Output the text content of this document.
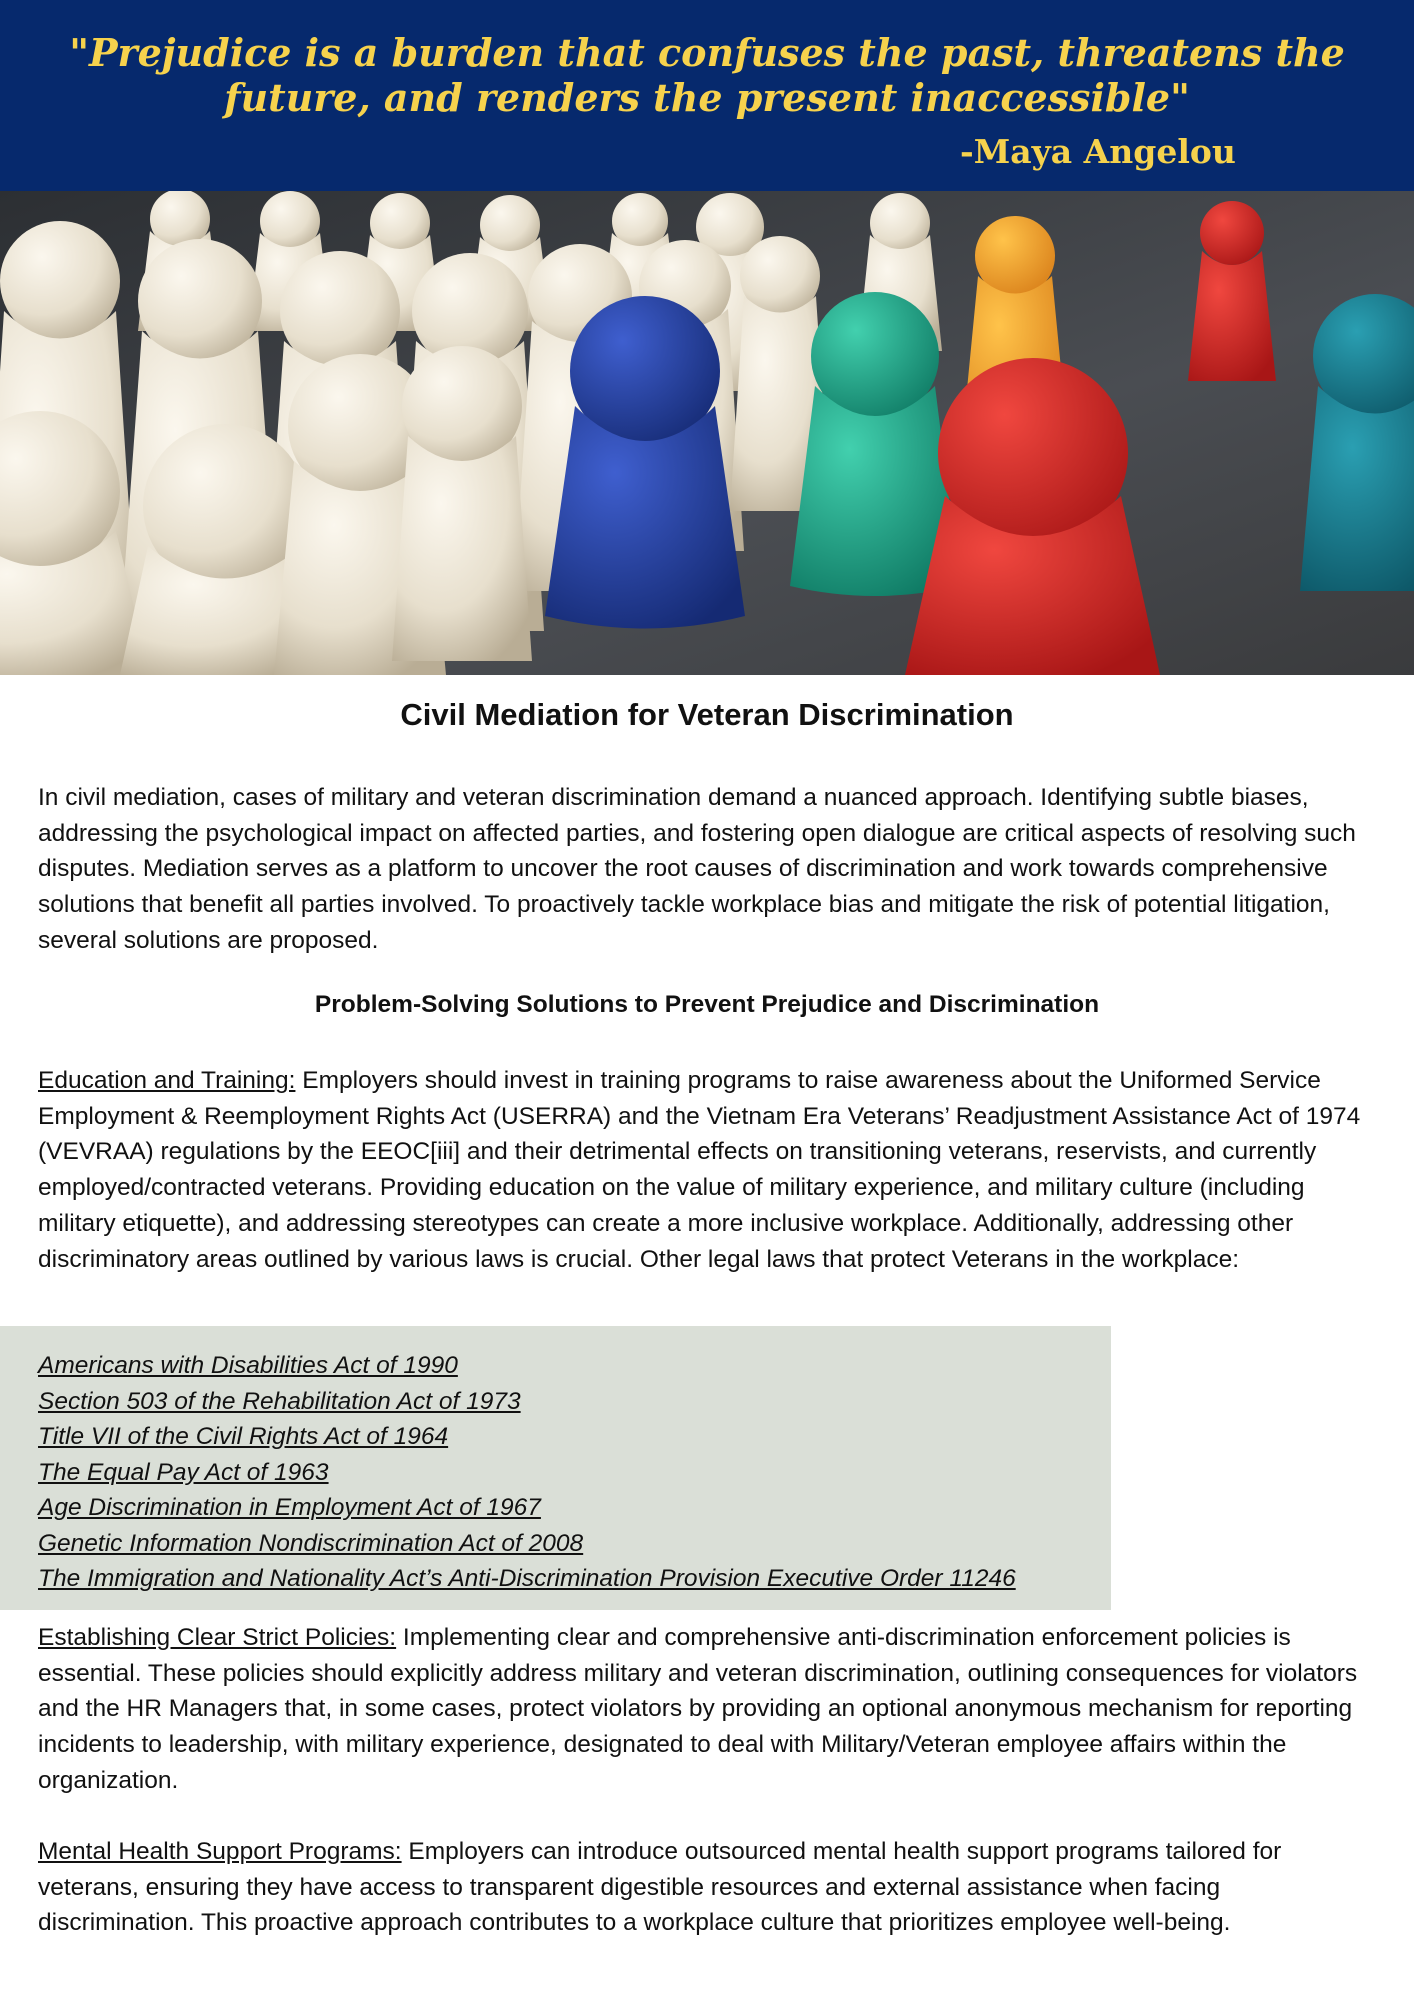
"Prejudice is a burden that confuses the past, threatens the future, and renders the present inaccessible"

-Maya Angelou
Civil Mediation for Veteran Discrimination

In civil mediation, cases of military and veteran discrimination demand a nuanced approach. Identifying subtle biases, addressing the psychological impact on affected parties, and fostering open dialogue are critical aspects of resolving such disputes. Mediation serves as a platform to uncover the root causes of discrimination and work towards comprehensive solutions that benefit all parties involved. To proactively tackle workplace bias and mitigate the risk of potential litigation, several solutions are proposed.

Problem-Solving Solutions to Prevent Prejudice and Discrimination

Education and Training: Employers should invest in training programs to raise awareness about the Uniformed Service Employment & Reemployment Rights Act (USERRA) and the Vietnam Era Veterans’ Readjustment Assistance Act of 1974 (VEVRAA) regulations by the EEOC[iii] and their detrimental effects on transitioning veterans, reservists, and currently employed/contracted veterans. Providing education on the value of military experience, and military culture (including military etiquette), and addressing stereotypes can create a more inclusive workplace. Additionally, addressing other discriminatory areas outlined by various laws is crucial. Other legal laws that protect Veterans in the workplace:

Americans with Disabilities Act of 1990
Section 503 of the Rehabilitation Act of 1973
Title VII of the Civil Rights Act of 1964
The Equal Pay Act of 1963
Age Discrimination in Employment Act of 1967
Genetic Information Nondiscrimination Act of 2008
The Immigration and Nationality Act’s Anti-Discrimination Provision Executive Order 11246

Establishing Clear Strict Policies: Implementing clear and comprehensive anti-discrimination enforcement policies is essential. These policies should explicitly address military and veteran discrimination, outlining consequences for violators and the HR Managers that, in some cases, protect violators by providing an optional anonymous mechanism for reporting incidents to leadership, with military experience, designated to deal with Military/Veteran employee affairs within the organization.

Mental Health Support Programs: Employers can introduce outsourced mental health support programs tailored for veterans, ensuring they have access to transparent digestible resources and external assistance when facing discrimination. This proactive approach contributes to a workplace culture that prioritizes employee well-being.
